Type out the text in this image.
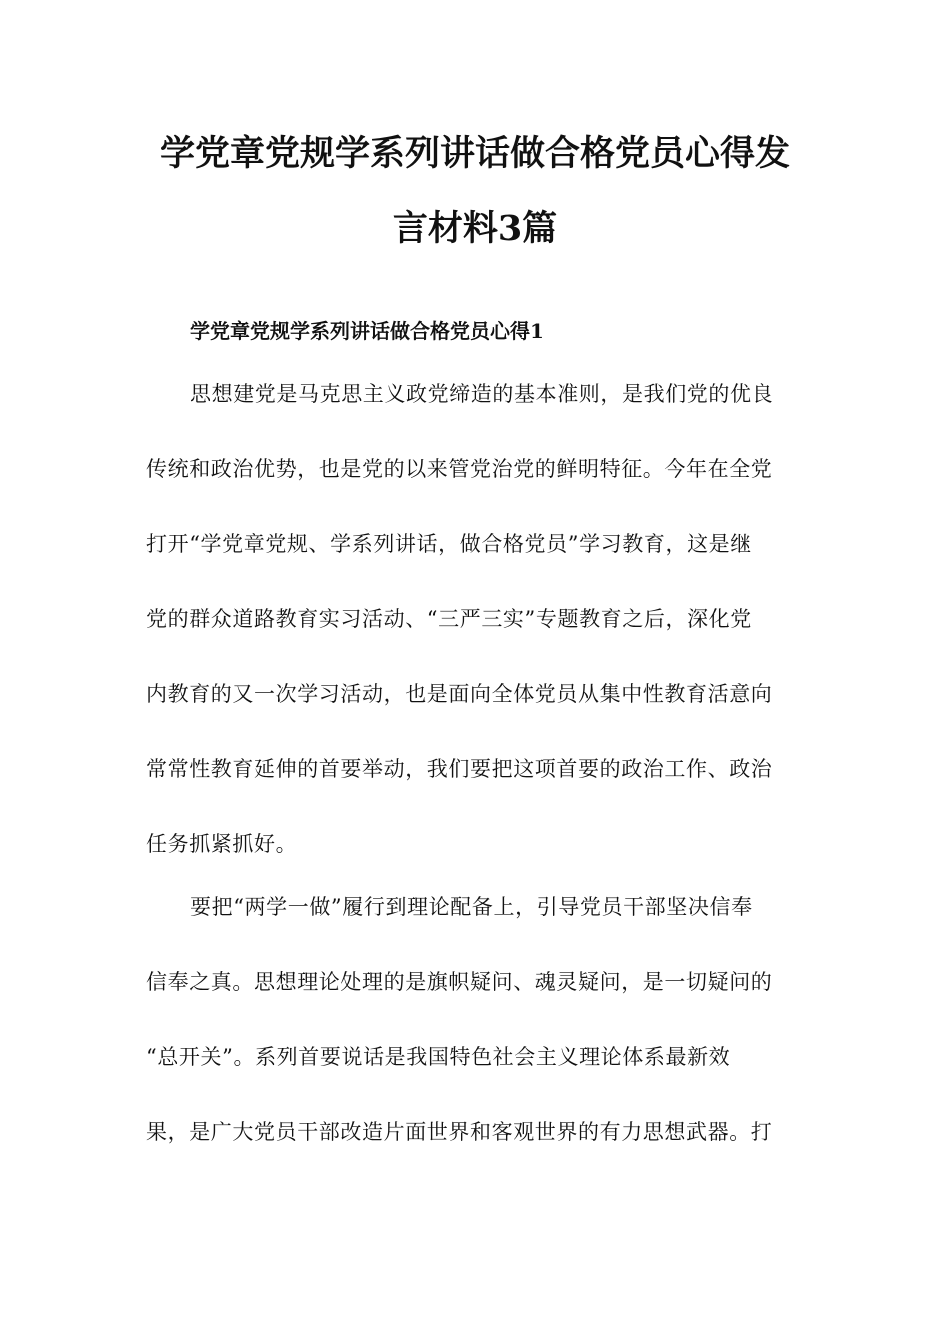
学党章党规学系列讲话做合格党员心得发
言材料3篇
学党章党规学系列讲话做合格党员心得1
思想建党是马克思主义政党缔造的基本准则，是我们党的优良
传统和政治优势，也是党的以来管党治党的鲜明特征。今年在全党
打开“学党章党规、学系列讲话，做合格党员”学习教育，这是继
党的群众道路教育实习活动、“三严三实”专题教育之后，深化党
内教育的又一次学习活动，也是面向全体党员从集中性教育活意向
常常性教育延伸的首要举动，我们要把这项首要的政治工作、政治
任务抓紧抓好。
要把“两学一做”履行到理论配备上，引导党员干部坚决信奉
信奉之真。思想理论处理的是旗帜疑问、魂灵疑问，是一切疑问的
“总开关”。系列首要说话是我国特色社会主义理论体系最新效
果，是广大党员干部改造片面世界和客观世界的有力思想武器。打
